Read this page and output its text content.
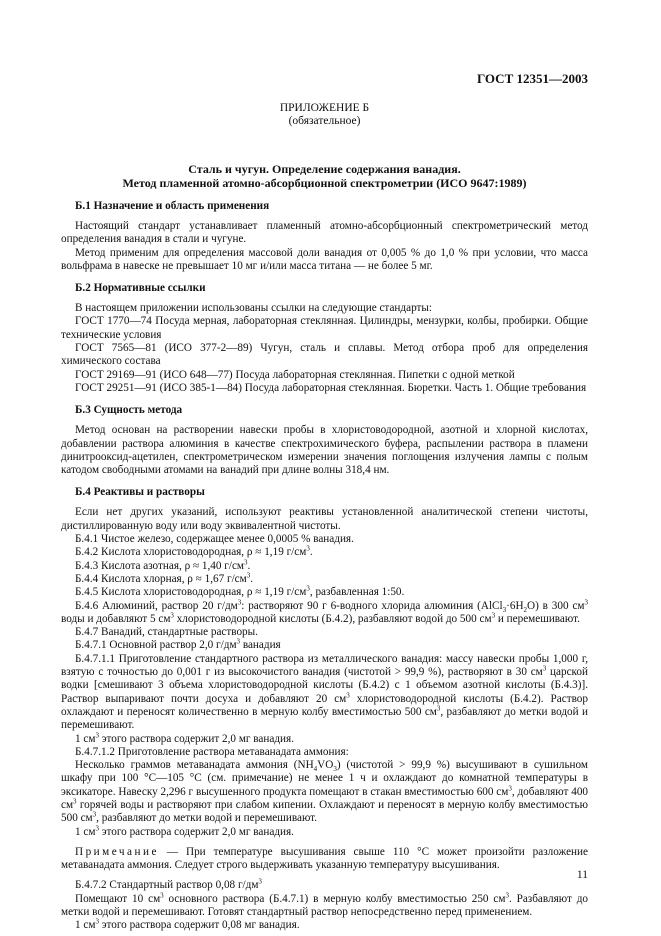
ГОСТ 12351—2003
ПРИЛОЖЕНИЕ Б
(обязательное)
Сталь и чугун. Определение содержания ванадия.
Метод пламенной атомно-абсорбционной спектрометрии (ИСО 9647:1989)
Б.1 Назначение и область применения

Настоящий стандарт устанавливает пламенный атомно-абсорбционный спектрометрический метод определения ванадия в стали и чугуне.

Метод применим для определения массовой доли ванадия от 0,005 % до 1,0 % при условии, что масса вольфрама в навеске не превышает 10 мг и/или масса титана — не более 5 мг.

Б.2 Нормативные ссылки

В настоящем приложении использованы ссылки на следующие стандарты:

ГОСТ 1770—74 Посуда мерная, лабораторная стеклянная. Цилиндры, мензурки, колбы, пробирки. Общие технические условия

ГОСТ 7565—81 (ИСО 377-2—89) Чугун, сталь и сплавы. Метод отбора проб для определения химического состава

ГОСТ 29169—91 (ИСО 648—77) Посуда лабораторная стеклянная. Пипетки с одной меткой

ГОСТ 29251—91 (ИСО 385-1—84) Посуда лабораторная стеклянная. Бюретки. Часть 1. Общие требования

Б.3 Сущность метода

Метод основан на растворении навески пробы в хлористоводородной, азотной и хлорной кислотах, добавлении раствора алюминия в качестве спектрохимического буфера, распылении раствора в пламени динитрооксид-ацетилен, спектрометрическом измерении значения поглощения излучения лампы с полым катодом свободными атомами на ванадий при длине волны 318,4 нм.

Б.4 Реактивы и растворы

Если нет других указаний, используют реактивы установленной аналитической степени чистоты, дистиллированную воду или воду эквивалентной чистоты.

Б.4.1 Чистое железо, содержащее менее 0,0005 % ванадия.

Б.4.2 Кислота хлористоводородная, ρ ≈ 1,19 $г/см^3$.

Б.4.3 Кислота азотная, ρ ≈ 1,40 $г/см^3$.

Б.4.4 Кислота хлорная, ρ ≈ 1,67 $г/см^3$.

Б.4.5 Кислота хлористоводородная, ρ ≈ 1,19 $г/см^3$, разбавленная 1:50.

Б.4.6 Алюминий, раствор 20 $г/дм^3$: растворяют 90 г 6-водного хлорида алюминия $(AlCl_3\cdot 6H_2O)$ в 300 $см^3$ воды и добавляют 5 $см^3$ хлористоводородной кислоты (Б.4.2), разбавляют водой до 500 $см^3$ и перемешивают.

Б.4.7 Ванадий, стандартные растворы.

Б.4.7.1 Основной раствор 2,0 $г/дм^3$ ванадия

Б.4.7.1.1 Приготовление стандартного раствора из металлического ванадия: массу навески пробы 1,000 г, взятую с точностью до 0,001 г из высокочистого ванадия (чистотой > 99,9 %), растворяют в 30 $см^3$ царской водки [смешивают 3 объема хлористоводородной кислоты (Б.4.2) с 1 объемом азотной кислоты (Б.4.3)]. Раствор выпаривают почти досуха и добавляют 20 $см^3$ хлористоводородной кислоты (Б.4.2). Раствор охлаждают и переносят количественно в мерную колбу вместимостью 500 $см^3$, разбавляют до метки водой и перемешивают.

1 $см^3$ этого раствора содержит 2,0 мг ванадия.

Б.4.7.1.2 Приготовление раствора метаванадата аммония:

Несколько граммов метаванадата аммония $(NH_4VO_3)$ (чистотой > 99,9 %) высушивают в сушильном шкафу при 100 °С—105 °С (см. примечание) не менее 1 ч и охлаждают до комнатной температуры в эксикаторе. Навеску 2,296 г высушенного продукта помещают в стакан вместимостью 600 $см^3$, добавляют 400 $см^3$ горячей воды и растворяют при слабом кипении. Охлаждают и переносят в мерную колбу вместимостью 500 $см^3$, разбавляют до метки водой и перемешивают.

1 $см^3$ этого раствора содержит 2,0 мг ванадия.

Примечание — При температуре высушивания свыше 110 °С может произойти разложение метаванадата аммония. Следует строго выдерживать указанную температуру высушивания.

Б.4.7.2 Стандартный раствор 0,08 $г/дм^3$

Помещают 10 $см^3$ основного раствора (Б.4.7.1) в мерную колбу вместимостью 250 $см^3$. Разбавляют до метки водой и перемешивают. Готовят стандартный раствор непосредственно перед применением.

1 $см^3$ этого раствора содержит 0,08 мг ванадия.

11
